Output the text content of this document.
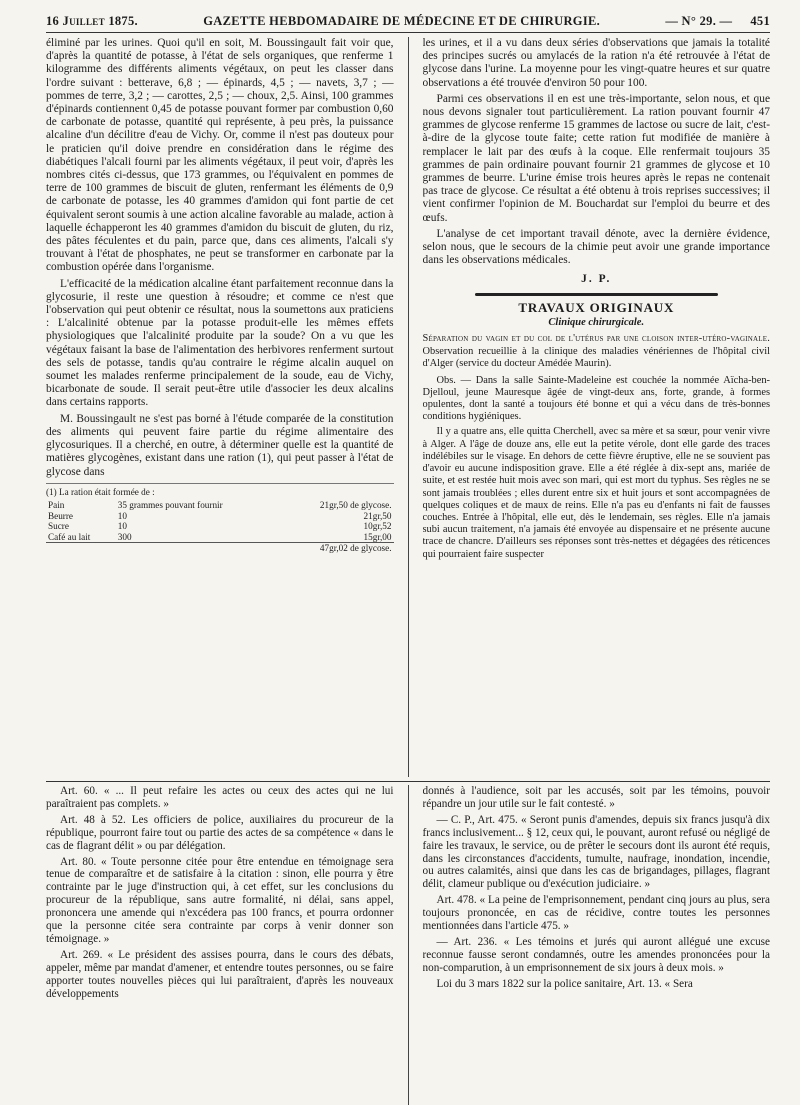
16 Juillet 1875.	GAZETTE HEBDOMADAIRE DE MÉDECINE ET DE CHIRURGIE.	— N° 29. — 451

éliminé par les urines. Quoi qu'il en soit, M. Boussingault fait voir que, d'après la quantité de potasse, à l'état de sels organiques, que renferme 1 kilogramme des différents aliments végétaux, on peut les classer dans l'ordre suivant : betterave, 6,8 ; — épinards, 4,5 ; — navets, 3,7 ; — pommes de terre, 3,2 ; — carottes, 2,5 ; — choux, 2,5. Ainsi, 100 grammes d'épinards contiennent 0,45 de potasse pouvant former par combustion 0,60 de carbonate de potasse, quantité qui représente, à peu près, la puissance alcaline d'un décilitre d'eau de Vichy. Or, comme il n'est pas douteux pour le praticien qu'il doive prendre en considération dans le régime des diabétiques l'alcali fourni par les aliments végétaux, il peut voir, d'après les nombres cités ci-dessus, que 173 grammes, ou l'équivalent en pommes de terre de 100 grammes de biscuit de gluten, renfermant les éléments de 0,9 de carbonate de potasse, les 40 grammes d'amidon qui font partie de cet équivalent seront soumis à une action alcaline favorable au malade, action à laquelle échapperont les 40 grammes d'amidon du biscuit de gluten, du riz, des pâtes féculentes et du pain, parce que, dans ces aliments, l'alcali s'y trouvant à l'état de phosphates, ne peut se transformer en carbonate par la combustion opérée dans l'organisme.

L'efficacité de la médication alcaline étant parfaitement reconnue dans la glycosurie, il reste une question à résoudre; et comme ce n'est que l'observation qui peut obtenir ce résultat, nous la soumettons aux praticiens : L'alcalinité obtenue par la potasse produit-elle les mêmes effets physiologiques que l'alcalinité produite par la soude? On a vu que les végétaux faisant la base de l'alimentation des herbivores renferment surtout des sels de potasse, tandis qu'au contraire le régime alcalin auquel on soumet les malades renferme principalement de la soude, eau de Vichy, bicarbonate de soude. Il serait peut-être utile d'associer les deux alcalins dans certains rapports.

M. Boussingault ne s'est pas borné à l'étude comparée de la constitution des aliments qui peuvent faire partie du régime alimentaire des glycosuriques. Il a cherché, en outre, à déterminer quelle est la quantité de matières glycogènes, existant dans une ration (1), qui peut passer à l'état de glycose dans

(1) La ration était formée de :

Pain	35 grammes pouvant fournir	21gr,50 de glycose.
Beurre	10	21gr,50
Sucre	10	10gr,52
Café au lait	300	15gr,00
		47gr,02 de glycose.

les urines, et il a vu dans deux séries d'observations que jamais la totalité des principes sucrés ou amylacés de la ration n'a été retrouvée à l'état de glycose dans l'urine. La moyenne pour les vingt-quatre heures et sur quatre observations a été trouvée d'environ 50 pour 100.

Parmi ces observations il en est une très-importante, selon nous, et que nous devons signaler tout particulièrement. La ration pouvant fournir 47 grammes de glycose renferme 15 grammes de lactose ou sucre de lait, c'est-à-dire de la glycose toute faite; cette ration fut modifiée de manière à remplacer le lait par des œufs à la coque. Elle renfermait toujours 35 grammes de pain ordinaire pouvant fournir 21 grammes de glycose et 10 grammes de beurre. L'urine émise trois heures après le repas ne contenait pas trace de glycose. Ce résultat a été obtenu à trois reprises successives; il vient confirmer l'opinion de M. Bouchardat sur l'emploi du beurre et des œufs.

L'analyse de cet important travail dénote, avec la dernière évidence, selon nous, que le secours de la chimie peut avoir une grande importance dans les observations médicales.

J. P.
TRAVAUX ORIGINAUX
Clinique chirurgicale.
Séparation du vagin et du col de l'utérus par une cloison inter-utéro-vaginale. Observation recueillie à la clinique des maladies vénériennes de l'hôpital civil d'Alger (service du docteur Amédée Maurin).

Obs. — Dans la salle Sainte-Madeleine est couchée la nommée Aïcha-ben-Djelloul, jeune Mauresque âgée de vingt-deux ans, forte, grande, à formes opulentes, dont la santé a toujours été bonne et qui a vécu dans de très-bonnes conditions hygiéniques.

Il y a quatre ans, elle quitta Cherchell, avec sa mère et sa sœur, pour venir vivre à Alger. A l'âge de douze ans, elle eut la petite vérole, dont elle garde des traces indélébiles sur le visage. En dehors de cette fièvre éruptive, elle ne se souvient pas d'avoir eu aucune indisposition grave. Elle a été réglée à dix-sept ans, mariée de suite, et est restée huit mois avec son mari, qui est mort du typhus. Ses règles ne se sont jamais troublées ; elles durent entre six et huit jours et sont accompagnées de quelques coliques et de maux de reins. Elle n'a pas eu d'enfants ni fait de fausses couches. Entrée à l'hôpital, elle eut, dès le lendemain, ses règles. Elle n'a jamais subi aucun traitement, n'a jamais été envoyée au dispensaire et ne présente aucune trace de chancre. D'ailleurs ses réponses sont très-nettes et dégagées des réticences qui pourraient faire suspecter

Art. 60. « ... Il peut refaire les actes ou ceux des actes qui ne lui paraîtraient pas complets. »

Art. 48 à 52. Les officiers de police, auxiliaires du procureur de la république, pourront faire tout ou partie des actes de sa compétence « dans le cas de flagrant délit » ou par délégation.

Art. 80. « Toute personne citée pour être entendue en témoignage sera tenue de comparaître et de satisfaire à la citation : sinon, elle pourra y être contrainte par le juge d'instruction qui, à cet effet, sur les conclusions du procureur de la république, sans autre formalité, ni délai, sans appel, prononcera une amende qui n'excédera pas 100 francs, et pourra ordonner que la personne citée sera contrainte par corps à venir donner son témoignage. »

Art. 269. « Le président des assises pourra, dans le cours des débats, appeler, même par mandat d'amener, et entendre toutes personnes, ou se faire apporter toutes nouvelles pièces qui lui paraîtraient, d'après les nouveaux développements

donnés à l'audience, soit par les accusés, soit par les témoins, pouvoir répandre un jour utile sur le fait contesté. »

— C. P., Art. 475. « Seront punis d'amendes, depuis six francs jusqu'à dix francs inclusivement... § 12, ceux qui, le pouvant, auront refusé ou négligé de faire les travaux, le service, ou de prêter le secours dont ils auront été requis, dans les circonstances d'accidents, tumulte, naufrage, inondation, incendie, ou autres calamités, ainsi que dans les cas de brigandages, pillages, flagrant délit, clameur publique ou d'exécution judiciaire. »

Art. 478. « La peine de l'emprisonnement, pendant cinq jours au plus, sera toujours prononcée, en cas de récidive, contre toutes les personnes mentionnées dans l'article 475. »

— Art. 236. « Les témoins et jurés qui auront allégué une excuse reconnue fausse seront condamnés, outre les amendes prononcées pour la non-comparution, à un emprisonnement de six jours à deux mois. »

Loi du 3 mars 1822 sur la police sanitaire, Art. 13. « Sera
